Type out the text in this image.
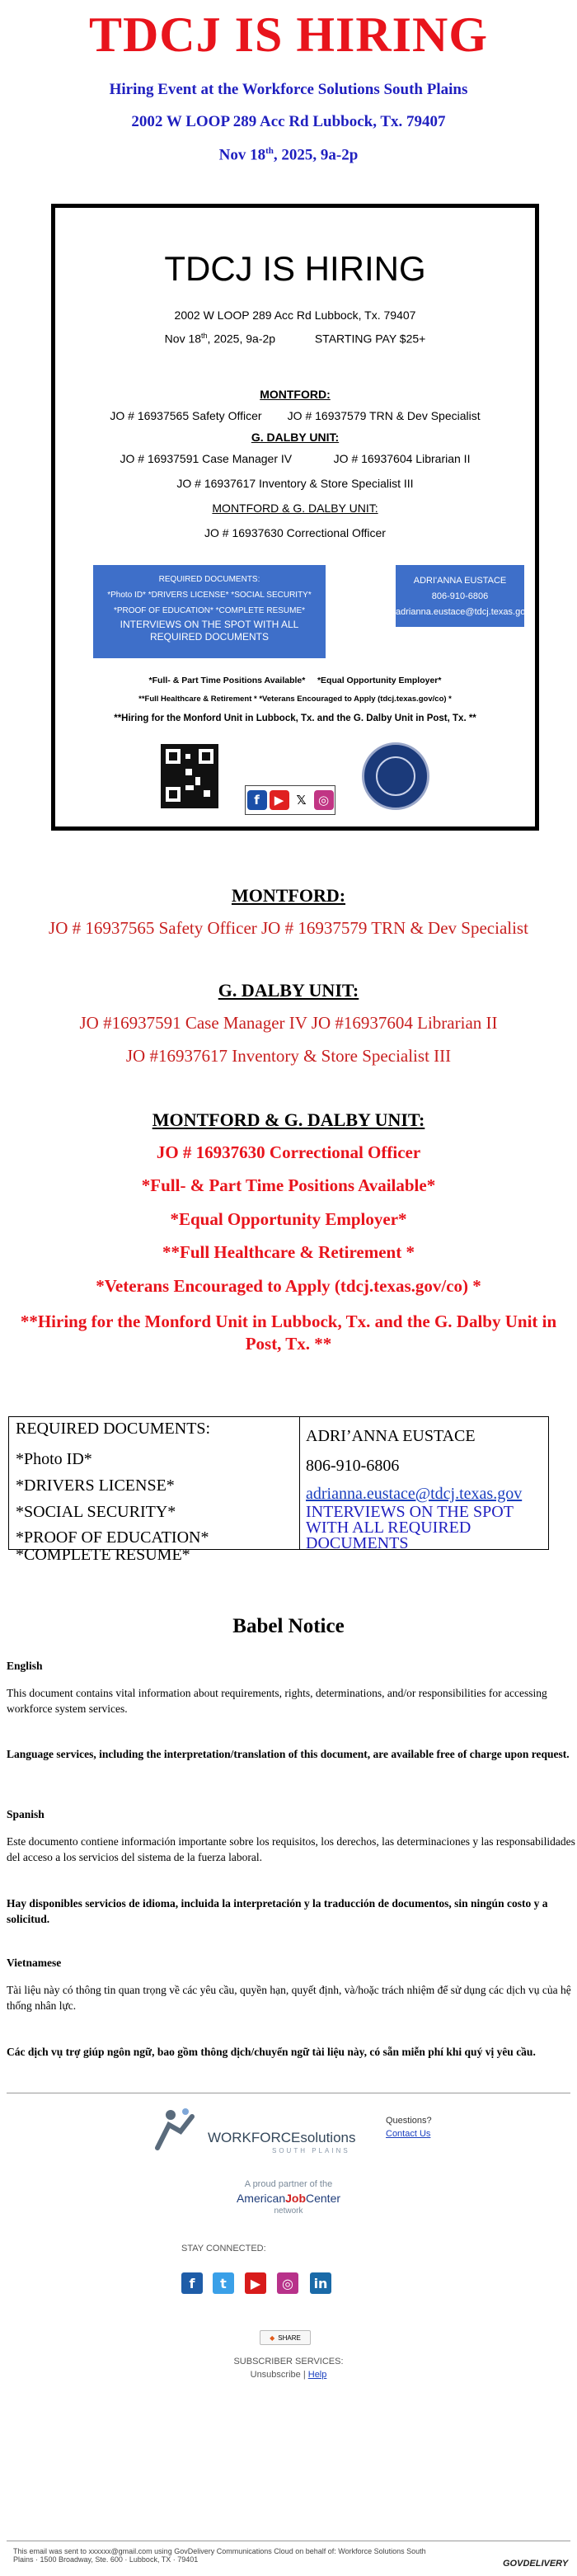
TDCJ IS HIRING
Hiring Event at the Workforce Solutions South Plains
2002 W LOOP 289 Acc Rd Lubbock, Tx. 79407
Nov 18th, 2025, 9a-2p
TDCJ IS HIRING
2002 W LOOP 289 Acc Rd Lubbock, Tx. 79407
Nov 18th, 2025, 9a-2p	STARTING PAY $25+
MONTFORD:
JO # 16937565 Safety Officer        JO # 16937579 TRN & Dev Specialist
G. DALBY UNIT:
JO # 16937591 Case Manager IV             JO # 16937604 Librarian II
JO # 16937617 Inventory & Store Specialist III
MONTFORD & G. DALBY UNIT:
JO # 16937630 Correctional Officer
REQUIRED DOCUMENTS:
*Photo ID* *DRIVERS LICENSE* *SOCIAL SECURITY*
*PROOF OF EDUCATION* *COMPLETE RESUME*
INTERVIEWS ON THE SPOT WITH ALL REQUIRED DOCUMENTS
ADRI'ANNA EUSTACE
806-910-6806
adrianna.eustace@tdcj.texas.gov
*Full- & Part Time Positions Available*     *Equal Opportunity Employer*
**Full Healthcare & Retirement * *Veterans Encouraged to Apply (tdcj.texas.gov/co) *
**Hiring for the Monford Unit in Lubbock, Tx. and the G. Dalby Unit in Post, Tx. **
f	▶	𝕏 ◎
MONTFORD:
JO # 16937565 Safety Officer JO # 16937579 TRN & Dev Specialist
G. DALBY UNIT:
JO #16937591 Case Manager IV JO #16937604 Librarian II
JO #16937617 Inventory & Store Specialist III
MONTFORD & G. DALBY UNIT:
JO # 16937630 Correctional Officer
*Full- & Part Time Positions Available*
*Equal Opportunity Employer*
**Full Healthcare & Retirement *
*Veterans Encouraged to Apply (tdcj.texas.gov/co) *
**Hiring for the Monford Unit in Lubbock, Tx. and the G. Dalby Unit in
Post, Tx. **
REQUIRED DOCUMENTS:
*Photo ID*
*DRIVERS LICENSE*
*SOCIAL SECURITY*
*PROOF OF EDUCATION*
*COMPLETE RESUME*
ADRI’ANNA EUSTACE
806-910-6806
adrianna.eustace@tdcj.texas.gov
INTERVIEWS ON THE SPOT
WITH ALL REQUIRED
DOCUMENTS
Babel Notice
English
This document contains vital information about requirements, rights, determinations, and/or responsibilities for accessing workforce system services.
Language services, including the interpretation/translation of this document, are available free of charge upon request.
Spanish
Este documento contiene información importante sobre los requisitos, los derechos, las determinaciones y las responsabilidades del acceso a los servicios del sistema de la fuerza laboral.
Hay disponibles servicios de idioma, incluida la interpretación y la traducción de documentos, sin ningún costo y a solicitud.
Vietnamese
Tài liệu này có thông tin quan trọng về các yêu cầu, quyền hạn, quyết định, và/hoặc trách nhiệm để sử dụng các dịch vụ của hệ thống nhân lực.
Các dịch vụ trợ giúp ngôn ngữ, bao gồm thông dịch/chuyển ngữ tài liệu này, có sẵn miễn phí khi quý vị yêu cầu.
WORKFORCEsolutions
SOUTH PLAINS
Questions?
Contact Us
A proud partner of the
AmericanJobCenter
network
STAY CONNECTED:
f	t	▶	◎	in
◆ SHARE
SUBSCRIBER SERVICES:
Unsubscribe | Help
This email was sent to xxxxxx@gmail.com using GovDelivery Communications Cloud on behalf of: Workforce Solutions South
Plains · 1500 Broadway, Ste. 600 · Lubbock, TX · 79401	GOVDELIVERY
